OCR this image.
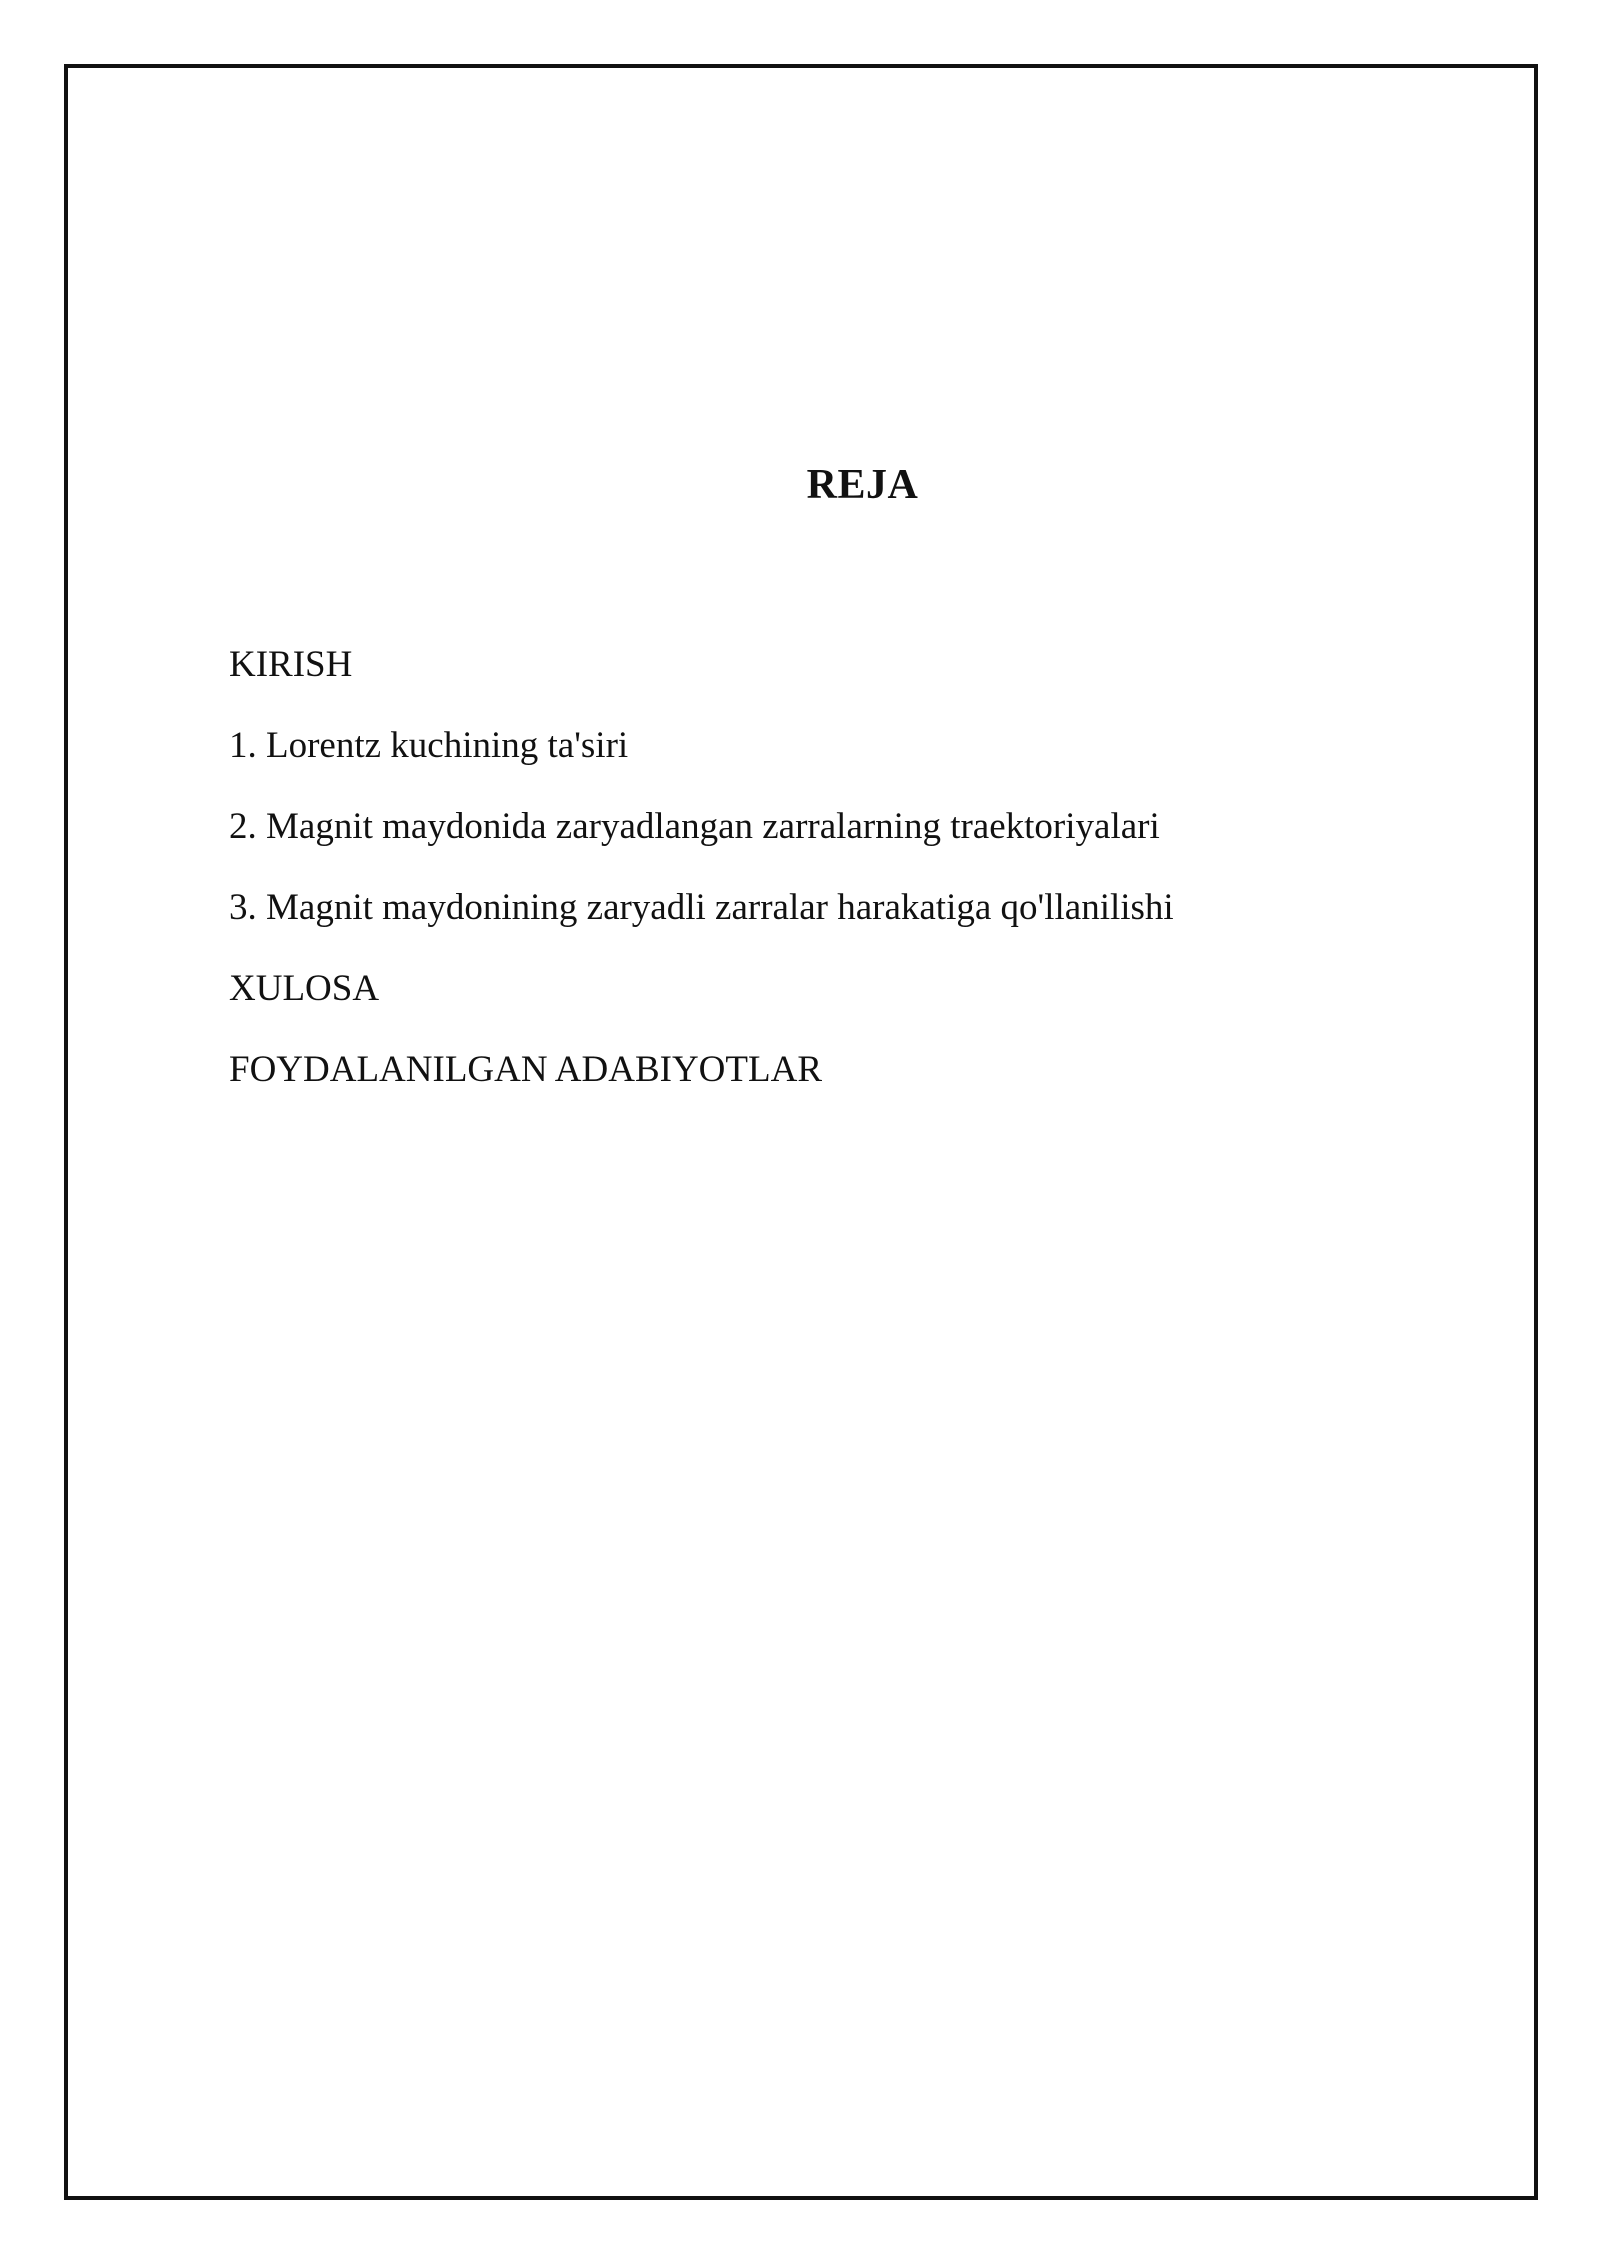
REJA
KIRISH
1. Lorentz kuchining ta'siri
2. Magnit maydonida zaryadlangan zarralarning traektoriyalari
3. Magnit maydonining zaryadli zarralar harakatiga qo'llanilishi
XULOSA
FOYDALANILGAN ADABIYOTLAR
